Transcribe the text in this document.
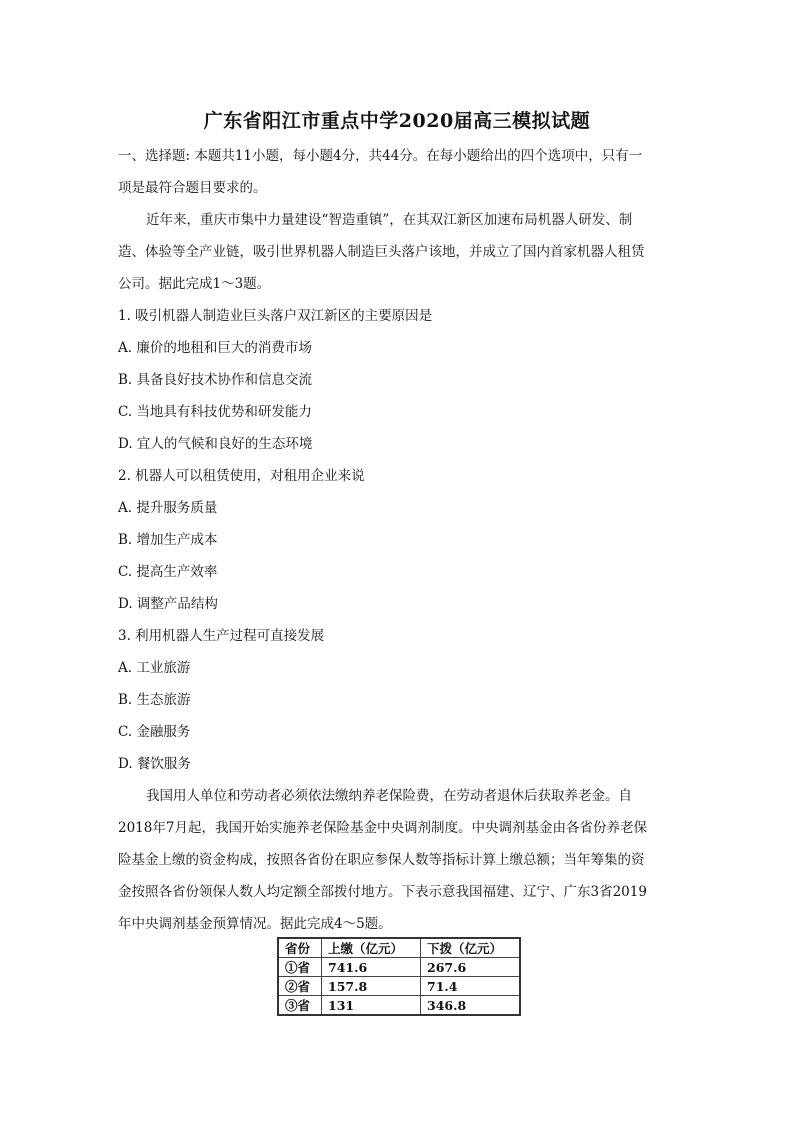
广东省阳江市重点中学2020届高三模拟试题
一、选择题: 本题共11小题，每小题4分，共44分。在每小题给出的四个选项中，只有一
项是最符合题目要求的。
近年来，重庆市集中力量建设“智造重镇”，在其双江新区加速布局机器人研发、制
造、体验等全产业链，吸引世界机器人制造巨头落户该地，并成立了国内首家机器人租赁
公司。据此完成1～3题。
1. 吸引机器人制造业巨头落户双江新区的主要原因是
A. 廉价的地租和巨大的消费市场
B. 具备良好技术协作和信息交流
C. 当地具有科技优势和研发能力
D. 宜人的气候和良好的生态环境
2. 机器人可以租赁使用，对租用企业来说
A. 提升服务质量
B. 增加生产成本
C. 提高生产效率
D. 调整产品结构
3. 利用机器人生产过程可直接发展
A. 工业旅游
B. 生态旅游
C. 金融服务
D. 餐饮服务
我国用人单位和劳动者必须依法缴纳养老保险费，在劳动者退休后获取养老金。自
2018年7月起，我国开始实施养老保险基金中央调剂制度。中央调剂基金由各省份养老保
险基金上缴的资金构成，按照各省份在职应参保人数等指标计算上缴总额；当年筹集的资
金按照各省份领保人数人均定额全部拨付地方。下表示意我国福建、辽宁、广东3省2019
年中央调剂基金预算情况。据此完成4～5题。
省份	上缴（亿元）	下拨（亿元）
①省	741.6	267.6
②省	157.8	71.4
③省	131	346.8
